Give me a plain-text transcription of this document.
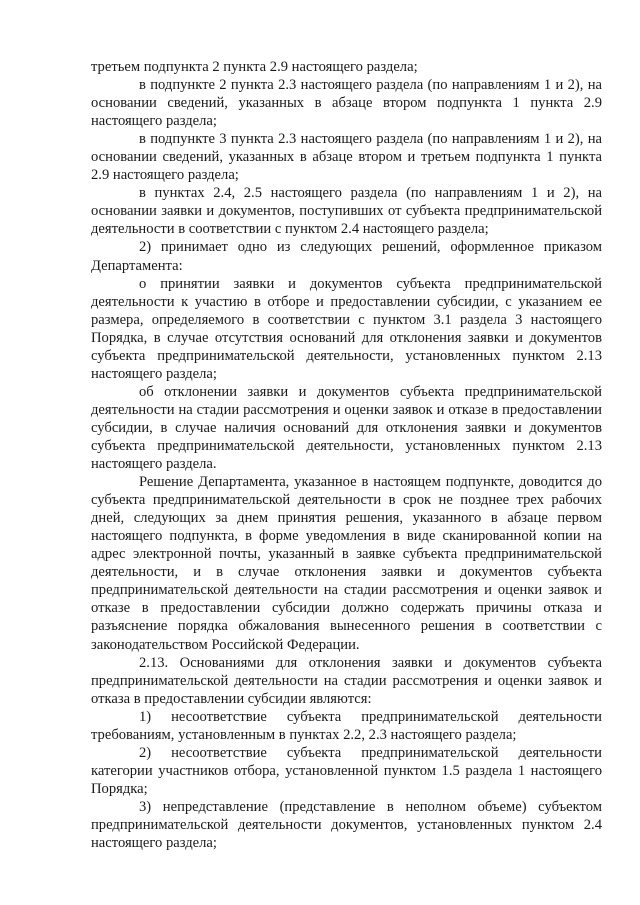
третьем подпункта 2 пункта 2.9 настоящего раздела;

в подпункте 2 пункта 2.3 настоящего раздела (по направлениям 1 и 2), на основании сведений, указанных в абзаце втором подпункта 1 пункта 2.9 настоящего раздела;

в подпункте 3 пункта 2.3 настоящего раздела (по направлениям 1 и 2), на основании сведений, указанных в абзаце втором и третьем подпункта 1 пункта 2.9 настоящего раздела;

в пунктах 2.4, 2.5 настоящего раздела (по направлениям 1 и 2), на основании заявки и документов, поступивших от субъекта предпринимательской деятельности в соответствии с пунктом 2.4 настоящего раздела;

2) принимает одно из следующих решений, оформленное приказом Департамента:

о принятии заявки и документов субъекта предпринимательской деятельности к участию в отборе и предоставлении субсидии, с указанием ее размера, определяемого в соответствии с пунктом 3.1 раздела 3 настоящего Порядка, в случае отсутствия оснований для отклонения заявки и документов субъекта предпринимательской деятельности, установленных пунктом 2.13 настоящего раздела;

об отклонении заявки и документов субъекта предпринимательской деятельности на стадии рассмотрения и оценки заявок и отказе в предоставлении субсидии, в случае наличия оснований для отклонения заявки и документов субъекта предпринимательской деятельности, установленных пунктом 2.13 настоящего раздела.

Решение Департамента, указанное в настоящем подпункте, доводится до субъекта предпринимательской деятельности в срок не позднее трех рабочих дней, следующих за днем принятия решения, указанного в абзаце первом настоящего подпункта, в форме уведомления в виде сканированной копии на адрес электронной почты, указанный в заявке субъекта предпринимательской деятельности, и в случае отклонения заявки и документов субъекта предпринимательской деятельности на стадии рассмотрения и оценки заявок и отказе в предоставлении субсидии должно содержать причины отказа и разъяснение порядка обжалования вынесенного решения в соответствии с законодательством Российской Федерации.

2.13. Основаниями для отклонения заявки и документов субъекта предпринимательской деятельности на стадии рассмотрения и оценки заявок и отказа в предоставлении субсидии являются:

1) несоответствие субъекта предпринимательской деятельности требованиям, установленным в пунктах 2.2, 2.3 настоящего раздела;

2) несоответствие субъекта предпринимательской деятельности категории участников отбора, установленной пунктом 1.5 раздела 1 настоящего Порядка;

3) непредставление (представление в неполном объеме) субъектом предпринимательской деятельности документов, установленных пунктом 2.4 настоящего раздела;
